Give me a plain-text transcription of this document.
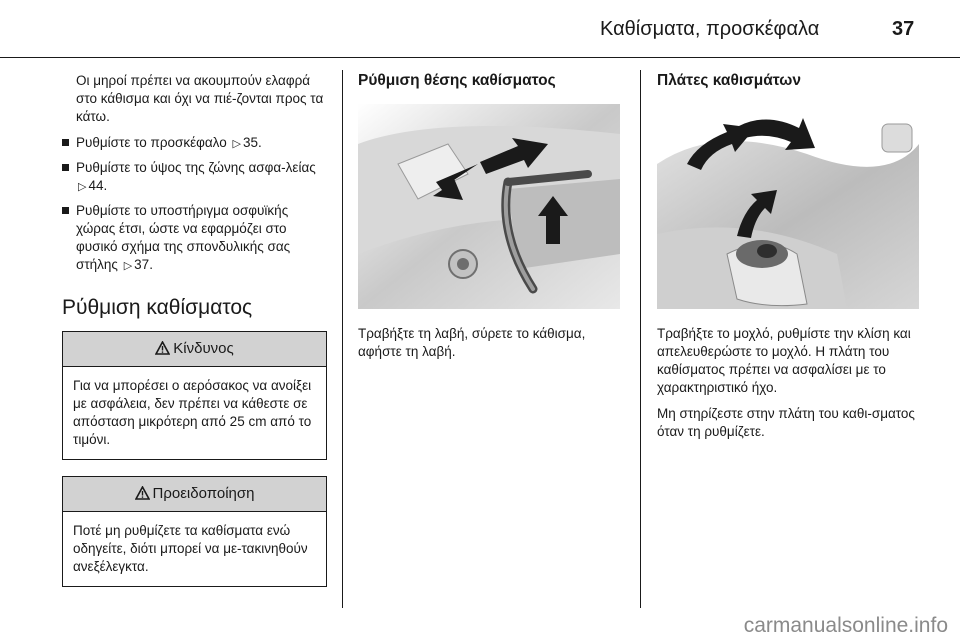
Καθίσματα, προσκέφαλα	37

Οι μηροί πρέπει να ακουμπούν ελαφρά στο κάθισμα και όχι να πιέ-ζονται προς τα κάτω.

Ρυθμίστε το προσκέφαλο ▷ 35.
Ρυθμίστε το ύψος της ζώνης ασφα-λείας ▷ 44.
Ρυθμίστε το υποστήριγμα οσφυϊκής χώρας έτσι, ώστε να εφαρμόζει στο φυσικό σχήμα της σπονδυλικής σας στήλης ▷ 37.
Ρύθμιση καθίσματος
Κίνδυνος
Για να μπορέσει ο αερόσακος να ανοίξει με ασφάλεια, δεν πρέπει να κάθεστε σε απόσταση μικρότερη από 25 cm από το τιμόνι.
Προειδοποίηση
Ποτέ μη ρυθμίζετε τα καθίσματα ενώ οδηγείτε, διότι μπορεί να με-τακινηθούν ανεξέλεγκτα.
Ρύθμιση θέσης καθίσματος

Τραβήξτε τη λαβή, σύρετε το κάθισμα, αφήστε τη λαβή.

Πλάτες καθισμάτων

Τραβήξτε το μοχλό, ρυθμίστε την κλίση και απελευθερώστε το μοχλό. Η πλάτη του καθίσματος πρέπει να ασφαλίσει με το χαρακτηριστικό ήχο.

Μη στηρίζεστε στην πλάτη του καθι-σματος όταν τη ρυθμίζετε.

carmanualsonline.info
